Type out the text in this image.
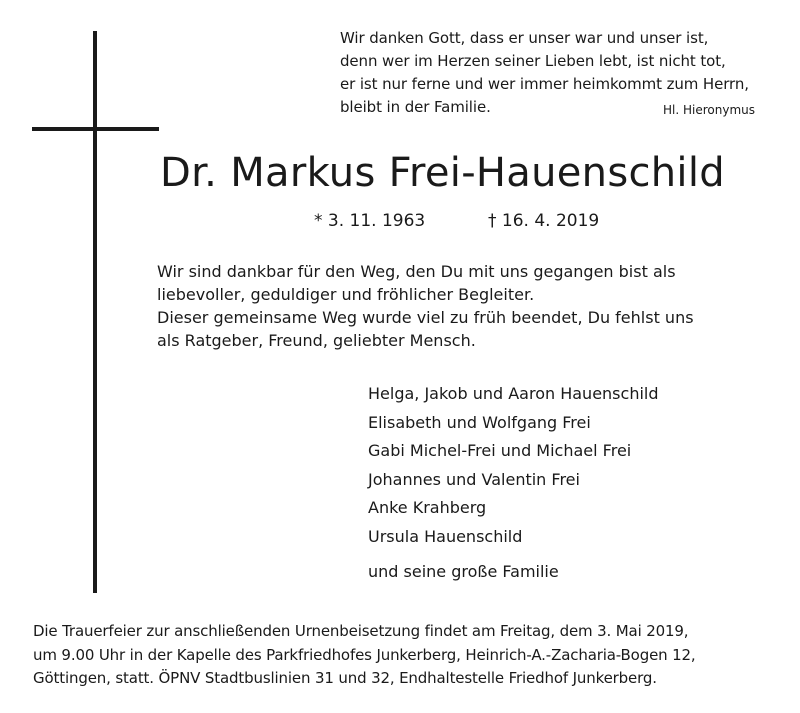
Wir danken Gott, dass er unser war und unser ist,
denn wer im Herzen seiner Lieben lebt, ist nicht tot,
er ist nur ferne und wer immer heimkommt zum Herrn,
bleibt in der Familie.	Hl. Hieronymus
Dr. Markus Frei-Hauenschild
* 3. 11. 1963	† 16. 4. 2019
Wir sind dankbar für den Weg, den Du mit uns gegangen bist als
liebevoller, geduldiger und fröhlicher Begleiter.
Dieser gemeinsame Weg wurde viel zu früh beendet, Du fehlst uns
als Ratgeber, Freund, geliebter Mensch.
Helga, Jakob und Aaron Hauenschild
Elisabeth und Wolfgang Frei
Gabi Michel-Frei und Michael Frei
Johannes und Valentin Frei
Anke Krahberg
Ursula Hauenschild
und seine große Familie
Die Trauerfeier zur anschließenden Urnenbeisetzung findet am Freitag, dem 3. Mai 2019,
um 9.00 Uhr in der Kapelle des Parkfriedhofes Junkerberg, Heinrich-A.-Zacharia-Bogen 12,
Göttingen, statt. ÖPNV Stadtbuslinien 31 und 32, Endhaltestelle Friedhof Junkerberg.
